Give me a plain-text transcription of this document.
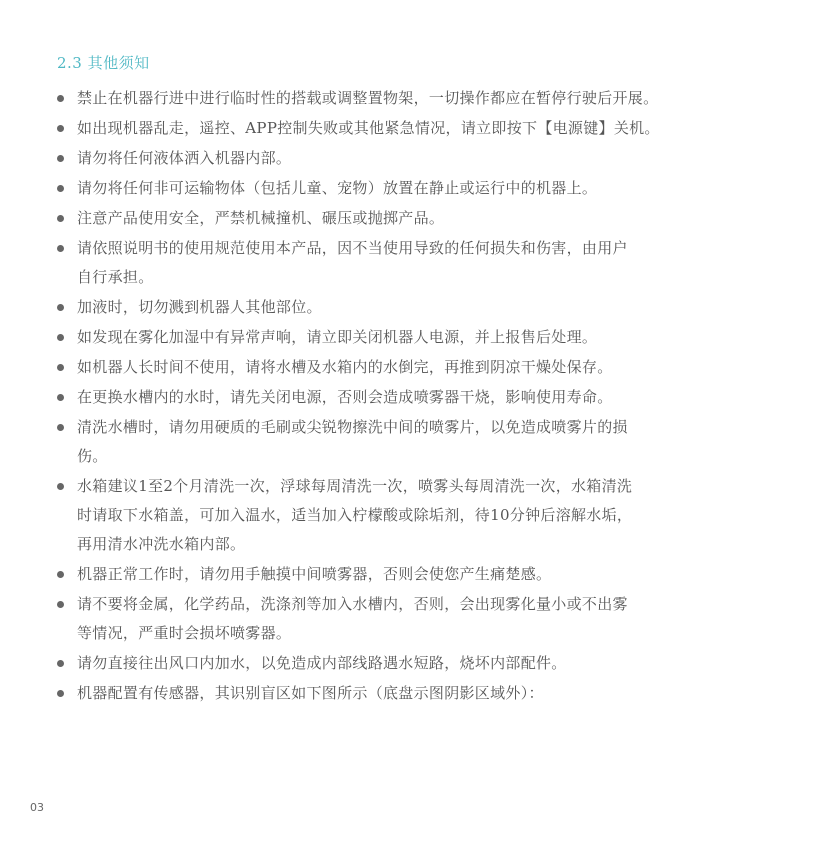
2.3 其他须知
禁止在机器行进中进行临时性的搭载或调整置物架，一切操作都应在暂停行驶后开展。
如出现机器乱走，遥控、APP控制失败或其他紧急情况，请立即按下【电源键】关机。
请勿将任何液体洒入机器内部。
请勿将任何非可运输物体（包括儿童、宠物）放置在静止或运行中的机器上。
注意产品使用安全，严禁机械撞机、碾压或抛掷产品。
请依照说明书的使用规范使用本产品，因不当使用导致的任何损失和伤害，由用户
自行承担。
加液时，切勿溅到机器人其他部位。
如发现在雾化加湿中有异常声响，请立即关闭机器人电源，并上报售后处理。
如机器人长时间不使用，请将水槽及水箱内的水倒完，再推到阴凉干燥处保存。
在更换水槽内的水时，请先关闭电源，否则会造成喷雾器干烧，影响使用寿命。
清洗水槽时，请勿用硬质的毛刷或尖锐物擦洗中间的喷雾片，以免造成喷雾片的损
伤。
水箱建议1至2个月清洗一次，浮球每周清洗一次，喷雾头每周清洗一次，水箱清洗
时请取下水箱盖，可加入温水，适当加入柠檬酸或除垢剂，待10分钟后溶解水垢，
再用清水冲洗水箱内部。
机器正常工作时，请勿用手触摸中间喷雾器，否则会使您产生痛楚感。
请不要将金属，化学药品，洗涤剂等加入水槽内，否则，会出现雾化量小或不出雾
等情况，严重时会损坏喷雾器。
请勿直接往出风口内加水，以免造成内部线路遇水短路，烧坏内部配件。
机器配置有传感器，其识别盲区如下图所示（底盘示图阴影区域外）：
03
